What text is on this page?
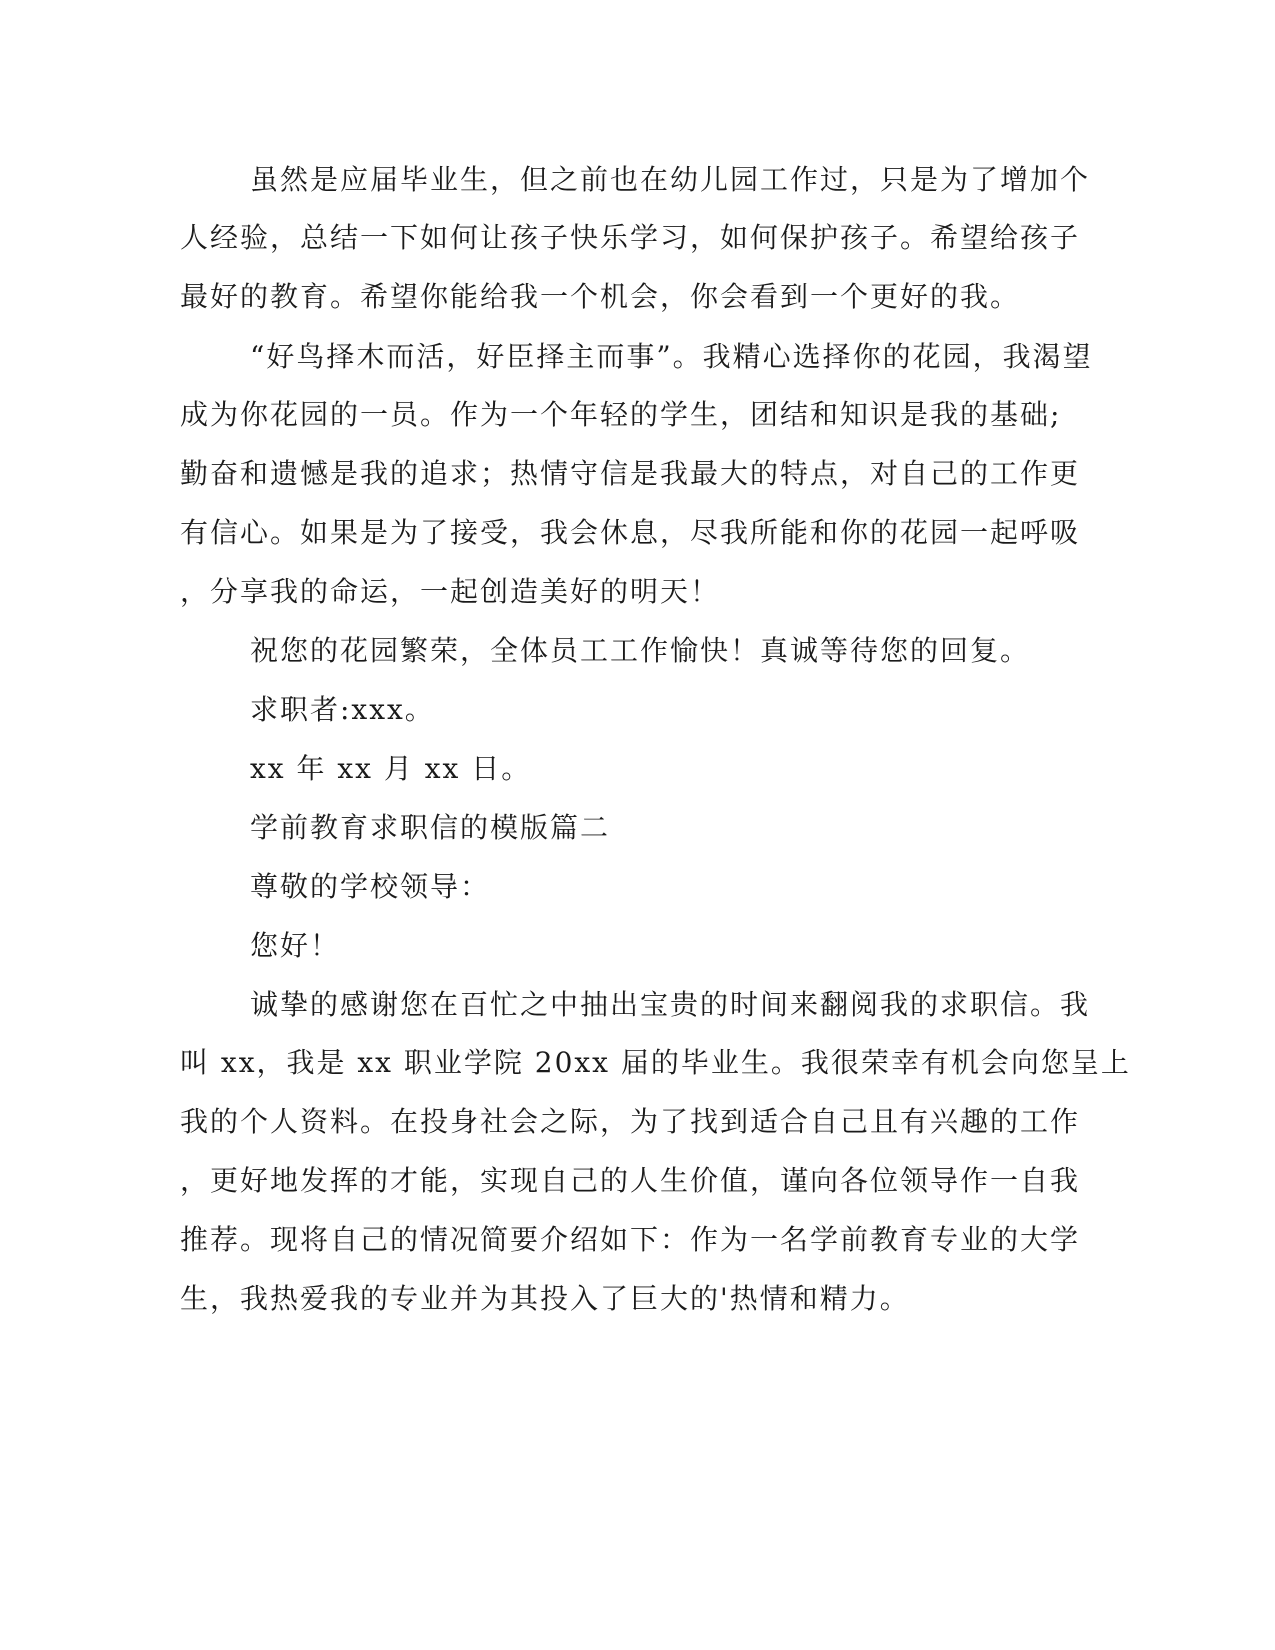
虽然是应届毕业生，但之前也在幼儿园工作过，只是为了增加个
人经验，总结一下如何让孩子快乐学习，如何保护孩子。希望给孩子
最好的教育。希望你能给我一个机会，你会看到一个更好的我。
“好鸟择木而活，好臣择主而事”。我精心选择你的花园，我渴望
成为你花园的一员。作为一个年轻的学生，团结和知识是我的基础;
勤奋和遗憾是我的追求；热情守信是我最大的特点，对自己的工作更
有信心。如果是为了接受，我会休息，尽我所能和你的花园一起呼吸
，分享我的命运，一起创造美好的明天！
祝您的花园繁荣，全体员工工作愉快！真诚等待您的回复。
求职者:xxx。
xx 年 xx 月 xx 日。
学前教育求职信的模版篇二
尊敬的学校领导：
您好！
诚挚的感谢您在百忙之中抽出宝贵的时间来翻阅我的求职信。我
叫 xx，我是 xx 职业学院 20xx 届的毕业生。我很荣幸有机会向您呈上
我的个人资料。在投身社会之际，为了找到适合自己且有兴趣的工作
，更好地发挥的才能，实现自己的人生价值，谨向各位领导作一自我
推荐。现将自己的情况简要介绍如下：作为一名学前教育专业的大学
生，我热爱我的专业并为其投入了巨大的'热情和精力。
